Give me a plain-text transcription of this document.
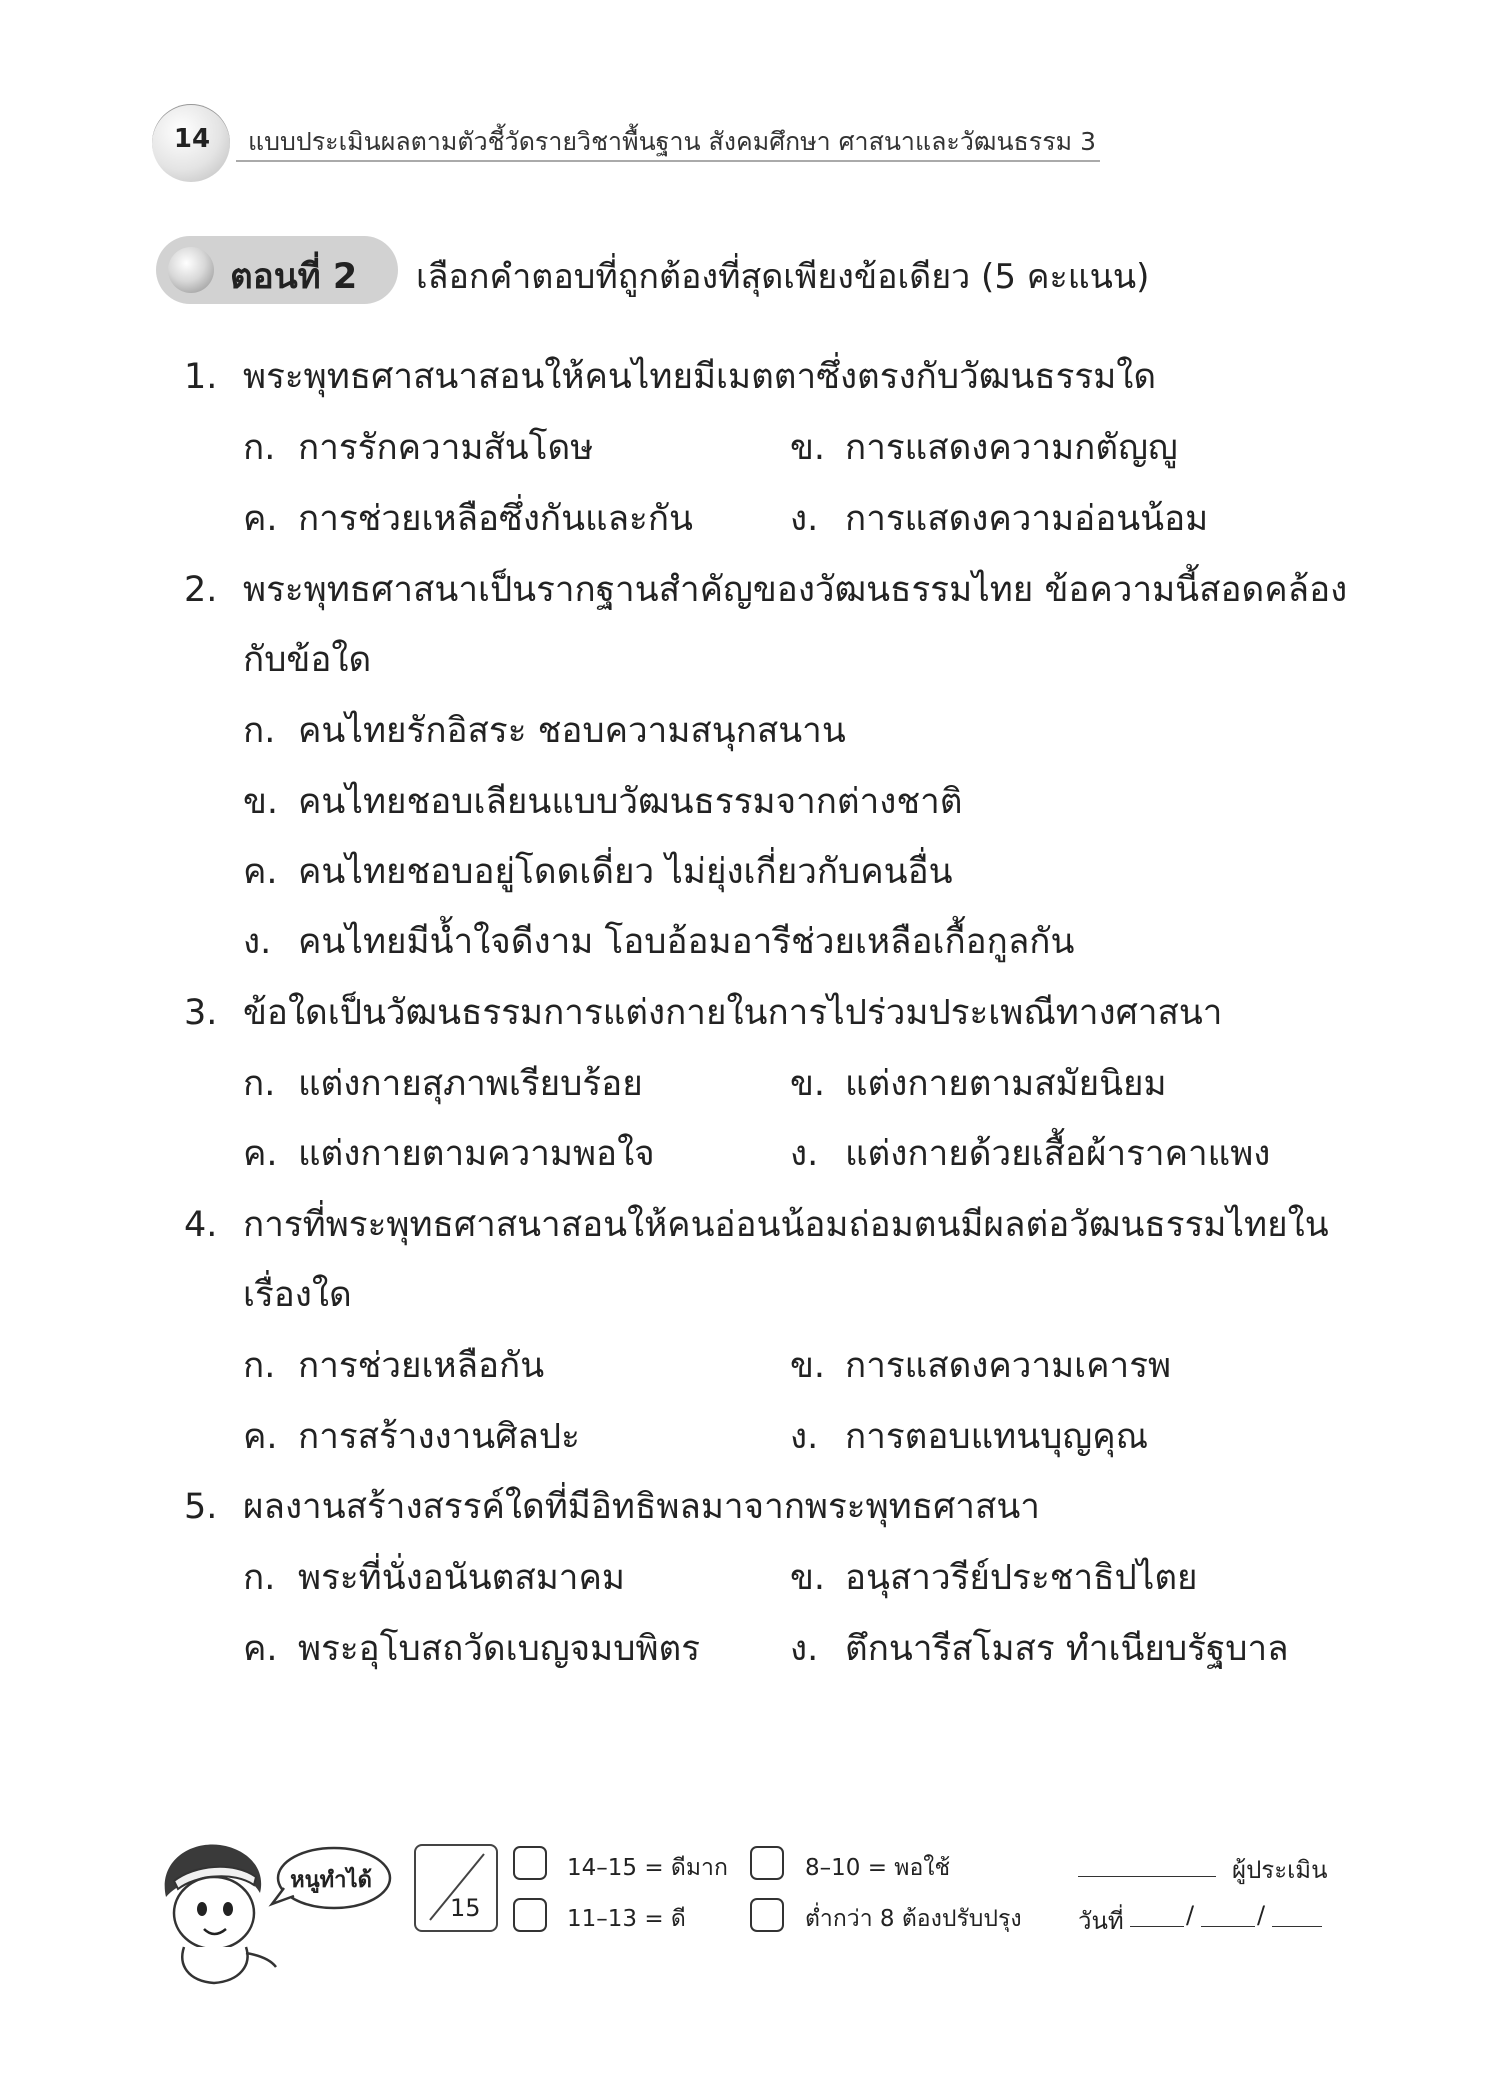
14	แบบประเมินผลตามตัวชี้วัดรายวิชาพื้นฐาน สังคมศึกษา ศาสนาและวัฒนธรรม 3
ตอนที่ 2 เลือกคำตอบที่ถูกต้องที่สุดเพียงข้อเดียว (5 คะแนน)
1. พระพุทธศาสนาสอนให้คนไทยมีเมตตาซึ่งตรงกับวัฒนธรรมใด
ก. การรักความสันโดษ	ข. การแสดงความกตัญญู
ค. การช่วยเหลือซึ่งกันและกัน	ง. การแสดงความอ่อนน้อม
2. พระพุทธศาสนาเป็นรากฐานสำคัญของวัฒนธรรมไทย ข้อความนี้สอดคล้อง
กับข้อใด
ก. คนไทยรักอิสระ ชอบความสนุกสนาน
ข. คนไทยชอบเลียนแบบวัฒนธรรมจากต่างชาติ
ค. คนไทยชอบอยู่โดดเดี่ยว ไม่ยุ่งเกี่ยวกับคนอื่น
ง. คนไทยมีน้ำใจดีงาม โอบอ้อมอารีช่วยเหลือเกื้อกูลกัน
3. ข้อใดเป็นวัฒนธรรมการแต่งกายในการไปร่วมประเพณีทางศาสนา
ก. แต่งกายสุภาพเรียบร้อย	ข. แต่งกายตามสมัยนิยม
ค. แต่งกายตามความพอใจ	ง. แต่งกายด้วยเสื้อผ้าราคาแพง
4. การที่พระพุทธศาสนาสอนให้คนอ่อนน้อมถ่อมตนมีผลต่อวัฒนธรรมไทยใน
เรื่องใด
ก. การช่วยเหลือกัน	ข. การแสดงความเคารพ
ค. การสร้างงานศิลปะ	ง. การตอบแทนบุญคุณ
5. ผลงานสร้างสรรค์ใดที่มีอิทธิพลมาจากพระพุทธศาสนา
ก. พระที่นั่งอนันตสมาคม	ข. อนุสาวรีย์ประชาธิปไตย
ค. พระอุโบสถวัดเบญจมบพิตร	ง. ตึกนารีสโมสร ทำเนียบรัฐบาล
หนูทำได้
15
14–15 = ดีมาก	8–10 = พอใช้
11–13 = ดี	ต่ำกว่า 8 ต้องปรับปรุง
ผู้ประเมิน
วันที่	/	/
